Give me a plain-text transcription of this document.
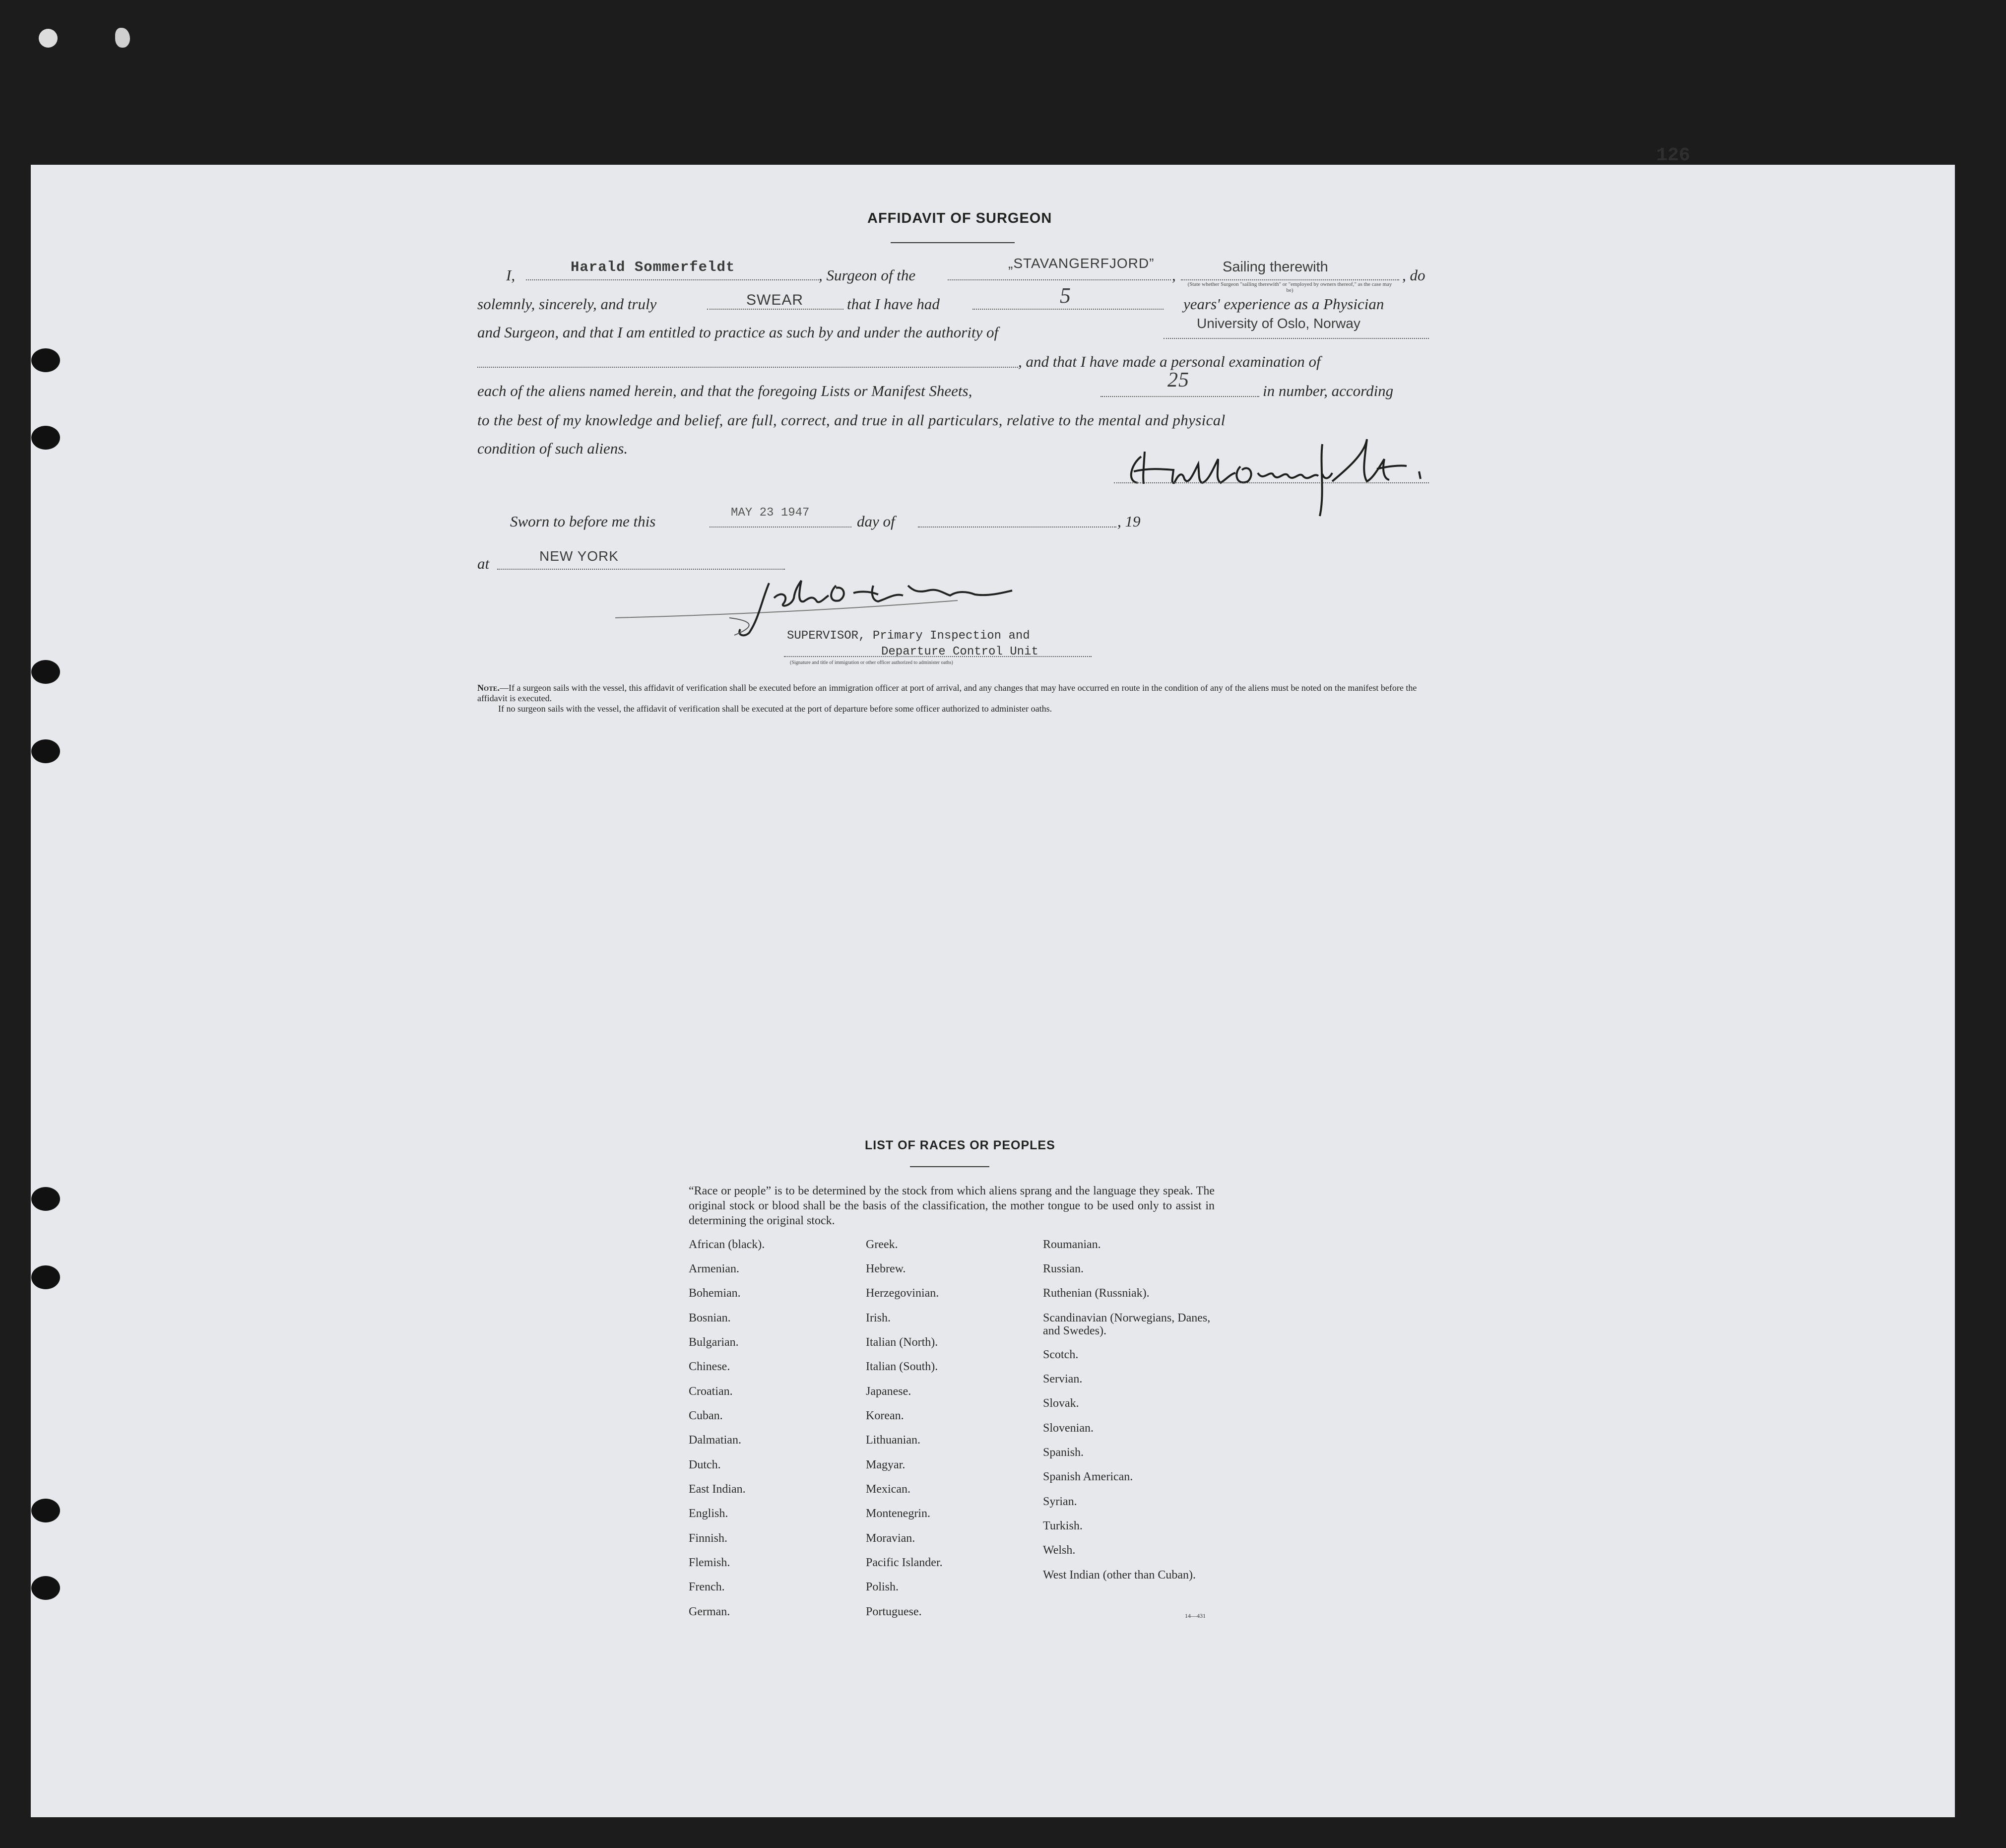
126
AFFIDAVIT OF SURGEON
I,	Harald Sommerfeldt	, Surgeon of the
„STAVANGERFJORD”
,	Sailing therewith
(State whether Surgeon "sailing therewith" or "employed by owners thereof," as the case may be)
, do
solemnly, sincerely, and truly	SWEAR	that I have had	5	years' experience as a Physician
and Surgeon, and that I am entitled to practice as such by and under the authority of
University of Oslo, Norway
, and that I have made a personal examination of
each of the aliens named herein, and that the foregoing Lists or Manifest Sheets,	25	in number, according
to the best of my knowledge and belief, are full, correct, and true in all particulars, relative to the mental and physical
condition of such aliens.
Sworn to before me this	MAY 23 1947	day of	, 19
at	NEW YORK
SUPERVISOR, Primary Inspection and
Departure Control Unit
(Signature and title of immigration or other officer authorized to administer oaths)
Note.—If a surgeon sails with the vessel, this affidavit of verification shall be executed before an immigration officer at port of arrival, and any changes that may have occurred en route in the condition of any of the aliens must be noted on the manifest before the affidavit is executed.
If no surgeon sails with the vessel, the affidavit of verification shall be executed at the port of departure before some officer authorized to administer oaths.
LIST OF RACES OR PEOPLES
“Race or people” is to be determined by the stock from which aliens sprang and the language they speak. The original stock or blood shall be the basis of the classification, the mother tongue to be used only to assist in determining the original stock.
African (black).
Armenian.
Bohemian.
Bosnian.
Bulgarian.
Chinese.
Croatian.
Cuban.
Dalmatian.
Dutch.
East Indian.
English.
Finnish.
Flemish.
French.
German.
Greek.
Hebrew.
Herzegovinian.
Irish.
Italian (North).
Italian (South).
Japanese.
Korean.
Lithuanian.
Magyar.
Mexican.
Montenegrin.
Moravian.
Pacific Islander.
Polish.
Portuguese.
Roumanian.
Russian.
Ruthenian (Russniak).
Scandinavian (Norwegians, Danes, and Swedes).
Scotch.
Servian.
Slovak.
Slovenian.
Spanish.
Spanish American.
Syrian.
Turkish.
Welsh.
West Indian (other than Cuban).
14—431
